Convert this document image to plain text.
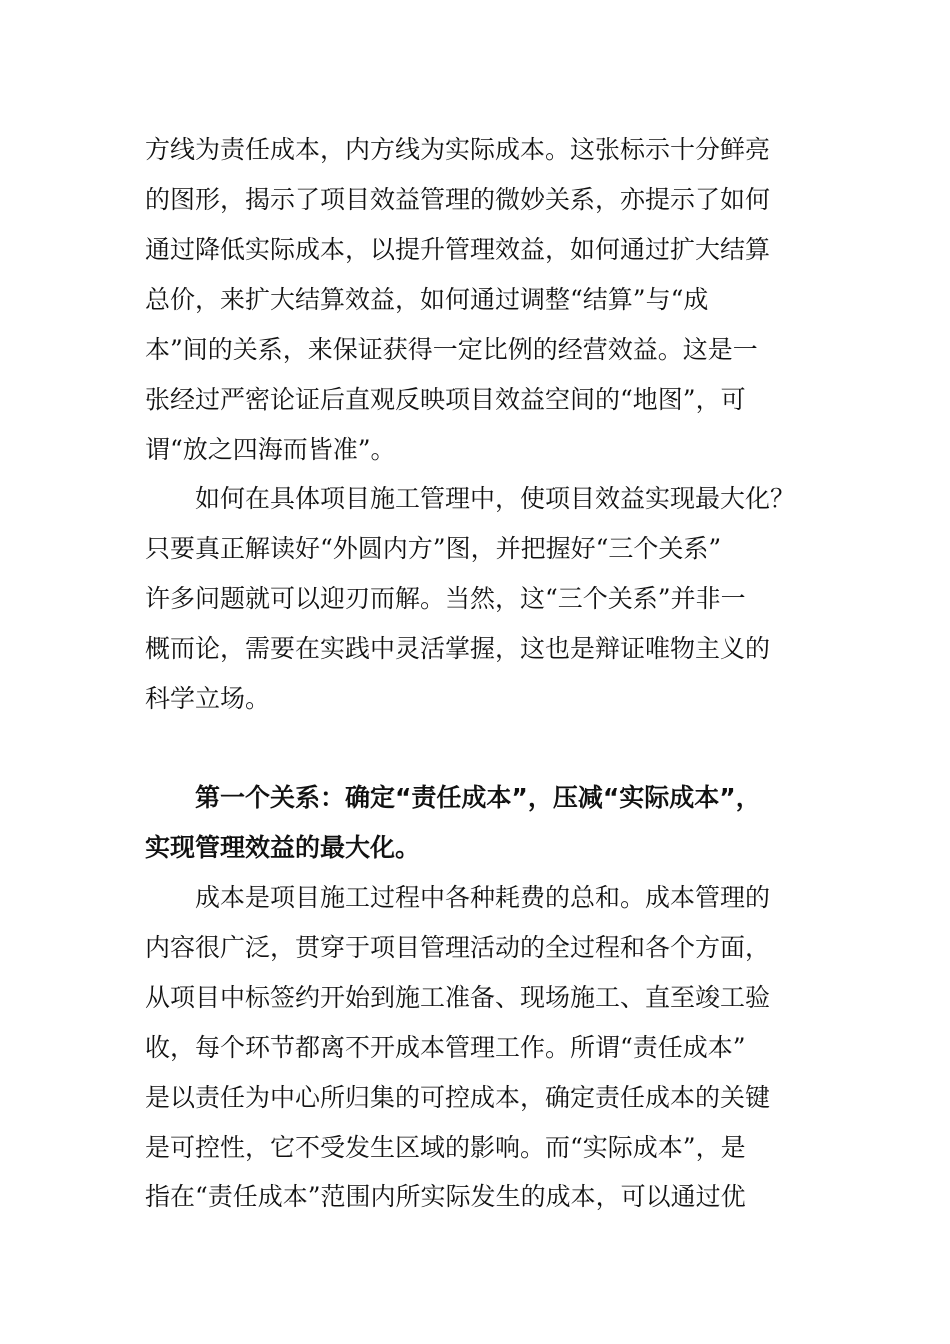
方线为责任成本，内方线为实际成本。这张标示十分鲜亮
的图形，揭示了项目效益管理的微妙关系，亦提示了如何
通过降低实际成本，以提升管理效益，如何通过扩大结算
总价，来扩大结算效益，如何通过调整“结算”与“成
本”间的关系，来保证获得一定比例的经营效益。这是一
张经过严密论证后直观反映项目效益空间的“地图”，可
谓“放之四海而皆准”。
如何在具体项目施工管理中，使项目效益实现最大化？
只要真正解读好“外圆内方”图，并把握好“三个关系”
许多问题就可以迎刃而解。当然，这“三个关系”并非一
概而论，需要在实践中灵活掌握，这也是辩证唯物主义的
科学立场。
第一个关系：确定“责任成本”，压减“实际成本”，
实现管理效益的最大化。
成本是项目施工过程中各种耗费的总和。成本管理的
内容很广泛，贯穿于项目管理活动的全过程和各个方面，
从项目中标签约开始到施工准备、现场施工、直至竣工验
收，每个环节都离不开成本管理工作。所谓“责任成本”
是以责任为中心所归集的可控成本，确定责任成本的关键
是可控性，它不受发生区域的影响。而“实际成本”，是
指在“责任成本”范围内所实际发生的成本，可以通过优
